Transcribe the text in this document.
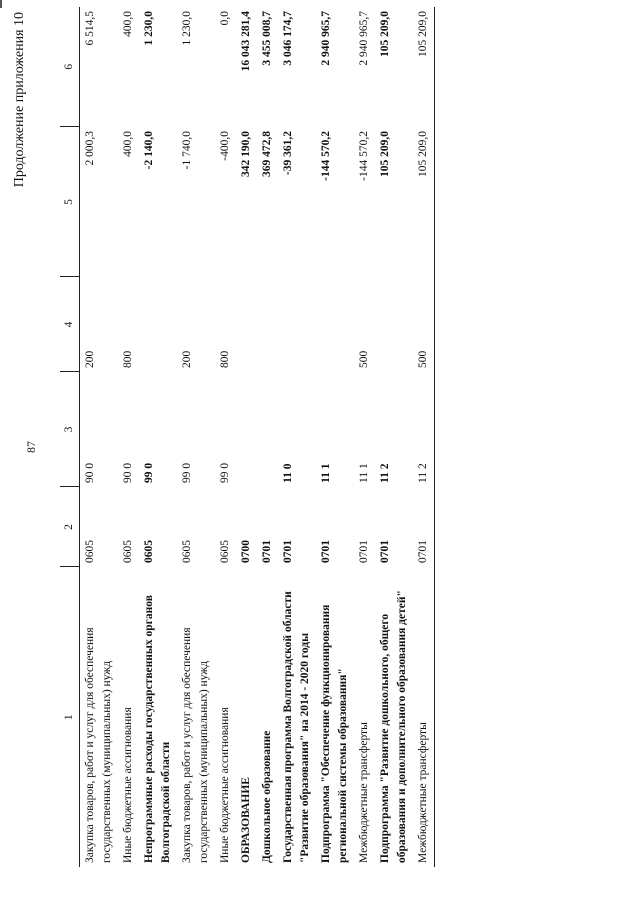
87
Продолжение приложения 10
1	2	3	4	5	6
Закупка товаров, работ и услуг для обеспечения государственных (муниципальных) нужд	0605	90 0	200	2 000,3	6 514,5
Иные бюджетные ассигнования	0605	90 0	800	400,0	400,0
Непрограммные расходы государственных органов Волгоградской области	0605	99 0		-2 140,0	1 230,0
Закупка товаров, работ и услуг для обеспечения государственных (муниципальных) нужд	0605	99 0	200	-1 740,0	1 230,0
Иные бюджетные ассигнования	0605	99 0	800	-400,0	0,0
ОБРАЗОВАНИЕ	0700			342 190,0	16 043 281,4
Дошкольное образование	0701			369 472,8	3 455 008,7
Государственная программа Волгоградской области "Развитие образования" на 2014 - 2020 годы	0701	11 0		-39 361,2	3 046 174,7
Подпрограмма "Обеспечение функционирования региональной системы образования"	0701	11 1		-144 570,2	2 940 965,7
Межбюджетные трансферты	0701	11 1	500	-144 570,2	2 940 965,7
Подпрограмма "Развитие дошкольного, общего образования и дополнительного образования детей"	0701	11 2		105 209,0	105 209,0
Межбюджетные трансферты	0701	11 2	500	105 209,0	105 209,0
